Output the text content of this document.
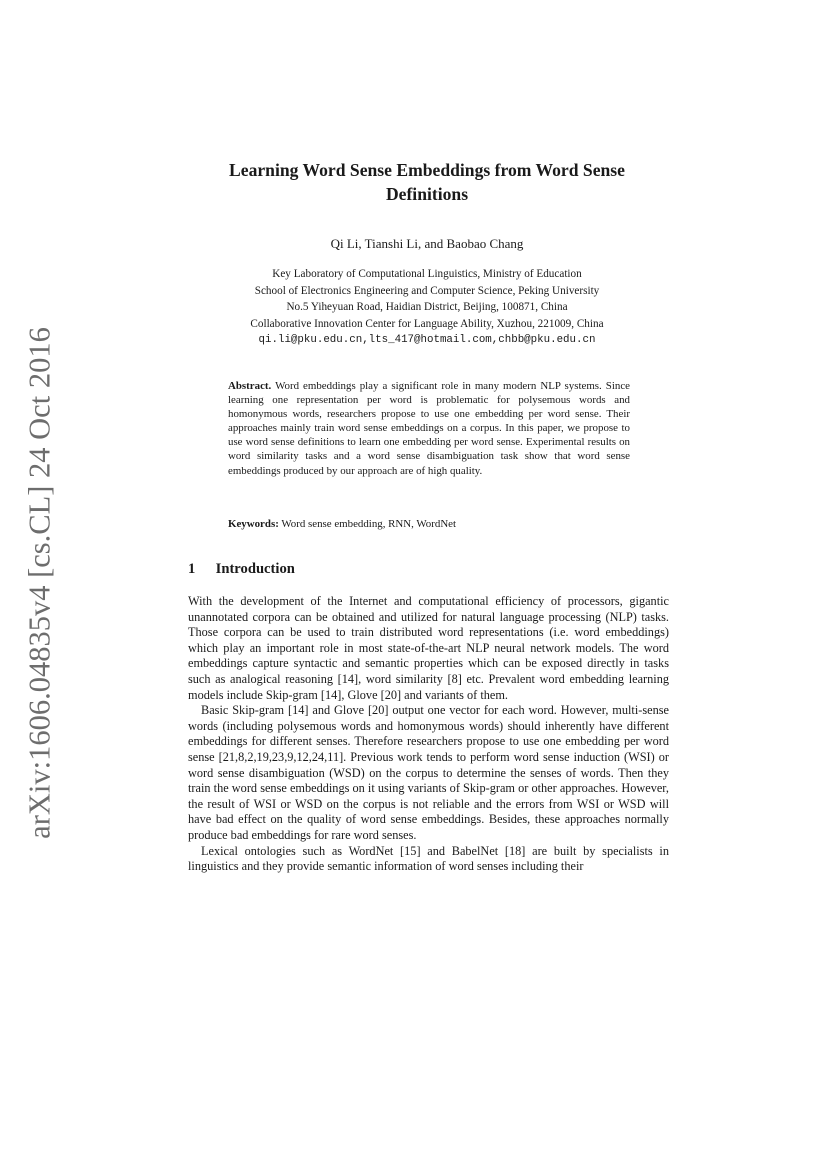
arXiv:1606.04835v4 [cs.CL] 24 Oct 2016
Learning Word Sense Embeddings from Word Sense
Definitions
Qi Li, Tianshi Li, and Baobao Chang
Key Laboratory of Computational Linguistics, Ministry of Education
School of Electronics Engineering and Computer Science, Peking University
No.5 Yiheyuan Road, Haidian District, Beijing, 100871, China
Collaborative Innovation Center for Language Ability, Xuzhou, 221009, China
qi.li@pku.edu.cn,lts_417@hotmail.com,chbb@pku.edu.cn
Abstract. Word embeddings play a significant role in many modern NLP systems. Since learning one representation per word is problematic for polysemous words and homonymous words, researchers propose to use one embedding per word sense. Their approaches mainly train word sense embeddings on a corpus. In this paper, we propose to use word sense definitions to learn one embedding per word sense. Experimental results on word similarity tasks and a word sense disambiguation task show that word sense embeddings produced by our approach are of high quality.
Keywords: Word sense embedding, RNN, WordNet
1 Introduction

With the development of the Internet and computational efficiency of processors, gigantic unannotated corpora can be obtained and utilized for natural language processing (NLP) tasks. Those corpora can be used to train distributed word representations (i.e. word embeddings) which play an important role in most state-of-the-art NLP neural network models. The word embeddings capture syntactic and semantic properties which can be exposed directly in tasks such as analogical reasoning [14], word similarity [8] etc. Prevalent word embedding learning models include Skip-gram [14], Glove [20] and variants of them.

Basic Skip-gram [14] and Glove [20] output one vector for each word. However, multi-sense words (including polysemous words and homonymous words) should inherently have different embeddings for different senses. Therefore researchers propose to use one embedding per word sense [21,8,2,19,23,9,12,24,11]. Previous work tends to perform word sense induction (WSI) or word sense disambiguation (WSD) on the corpus to determine the senses of words. Then they train the word sense embeddings on it using variants of Skip-gram or other approaches. However, the result of WSI or WSD on the corpus is not reliable and the errors from WSI or WSD will have bad effect on the quality of word sense embeddings. Besides, these approaches normally produce bad embeddings for rare word senses.

Lexical ontologies such as WordNet [15] and BabelNet [18] are built by specialists in linguistics and they provide semantic information of word senses including their
